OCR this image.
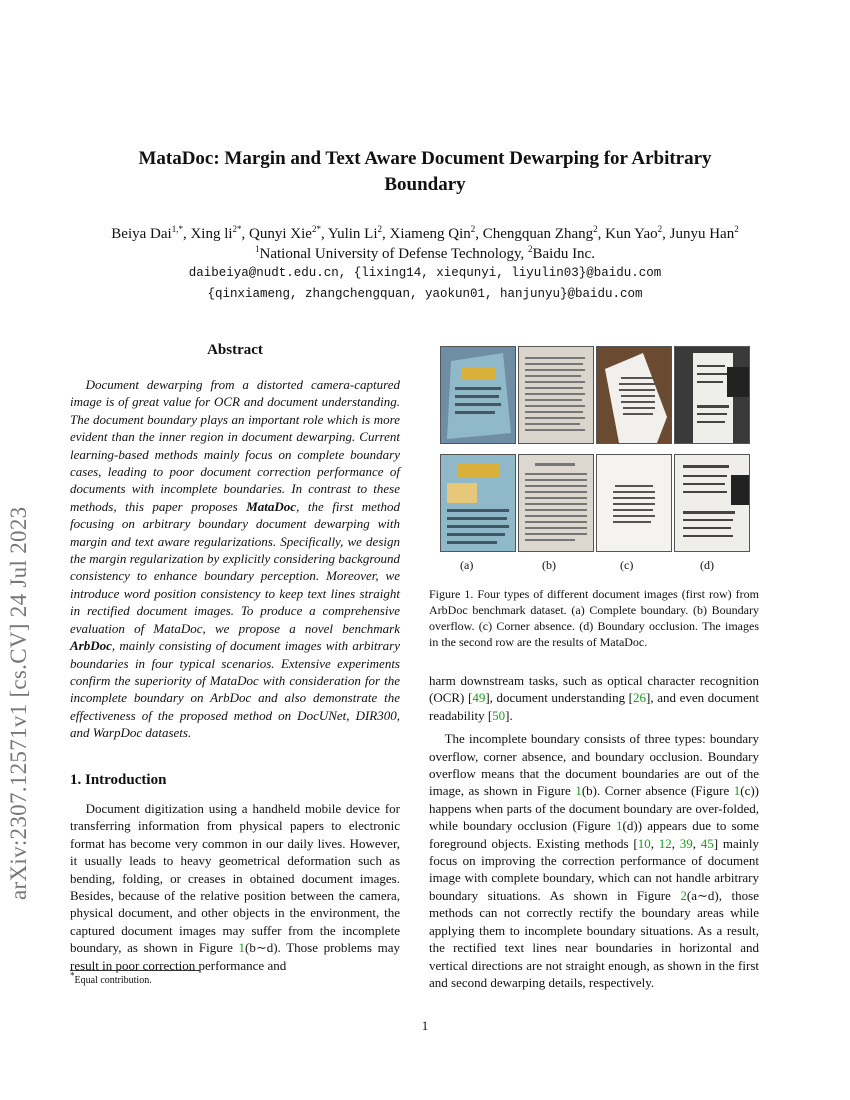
arXiv:2307.12571v1 [cs.CV] 24 Jul 2023
MataDoc: Margin and Text Aware Document Dewarping for Arbitrary
Boundary
Beiya Dai$^{1,*}$, Xing $li^{2*}$, Qunyi Xie$^{2*}$, Yulin Li$^2$, Xiameng Qin$^2$, Chengquan Zhang$^2$, Kun Yao$^2$, Junyu Han$^2$
$^1$National University of Defense Technology, $^2$Baidu Inc.
daibeiya@nudt.edu.cn, {lixing14, xiequnyi, liyulin03}@baidu.com
{qinxiameng, zhangchengquan, yaokun01, hanjunyu}@baidu.com
Abstract

Document dewarping from a distorted camera-captured image is of great value for OCR and document understanding. The document boundary plays an important role which is more evident than the inner region in document dewarping. Current learning-based methods mainly focus on complete boundary cases, leading to poor document correction performance of documents with incomplete boundaries. In contrast to these methods, this paper proposes MataDoc, the first method focusing on arbitrary boundary document dewarping with margin and text aware regularizations. Specifically, we design the margin regularization by explicitly considering background consistency to enhance boundary perception. Moreover, we introduce word position consistency to keep text lines straight in rectified document images. To produce a comprehensive evaluation of MataDoc, we propose a novel benchmark ArbDoc, mainly consisting of document images with arbitrary boundaries in four typical scenarios. Extensive experiments confirm the superiority of MataDoc with consideration for the incomplete boundary on ArbDoc and also demonstrate the effectiveness of the proposed method on DocUNet, DIR300, and WarpDoc datasets.

1. Introduction

Document digitization using a handheld mobile device for transferring information from physical papers to electronic format has become very common in our daily lives. However, it usually leads to heavy geometrical deformation such as bending, folding, or creases in obtained document images. Besides, because of the relative position between the camera, physical document, and other objects in the environment, the captured document images may suffer from the incomplete boundary, as shown in Figure 1(b∼d). Those problems may result in poor correction performance and

*Equal contribution.
(a)	(b)	(c)	(d)
Figure 1. Four types of different document images (first row) from ArbDoc benchmark dataset. (a) Complete boundary. (b) Boundary overflow. (c) Corner absence. (d) Boundary occlusion. The images in the second row are the results of MataDoc.

harm downstream tasks, such as optical character recognition (OCR) [49], document understanding [26], and even document readability [50].

The incomplete boundary consists of three types: boundary overflow, corner absence, and boundary occlusion. Boundary overflow means that the document boundaries are out of the image, as shown in Figure 1(b). Corner absence (Figure 1(c)) happens when parts of the document boundary are over-folded, while boundary occlusion (Figure 1(d)) appears due to some foreground objects. Existing methods [10, 12, 39, 45] mainly focus on improving the correction performance of document image with complete boundary, which can not handle arbitrary boundary situations. As shown in Figure 2(a∼d), those methods can not correctly rectify the boundary areas while applying them to incomplete boundary situations. As a result, the rectified text lines near boundaries in horizontal and vertical directions are not straight enough, as shown in the first and second dewarping details, respectively.

1
